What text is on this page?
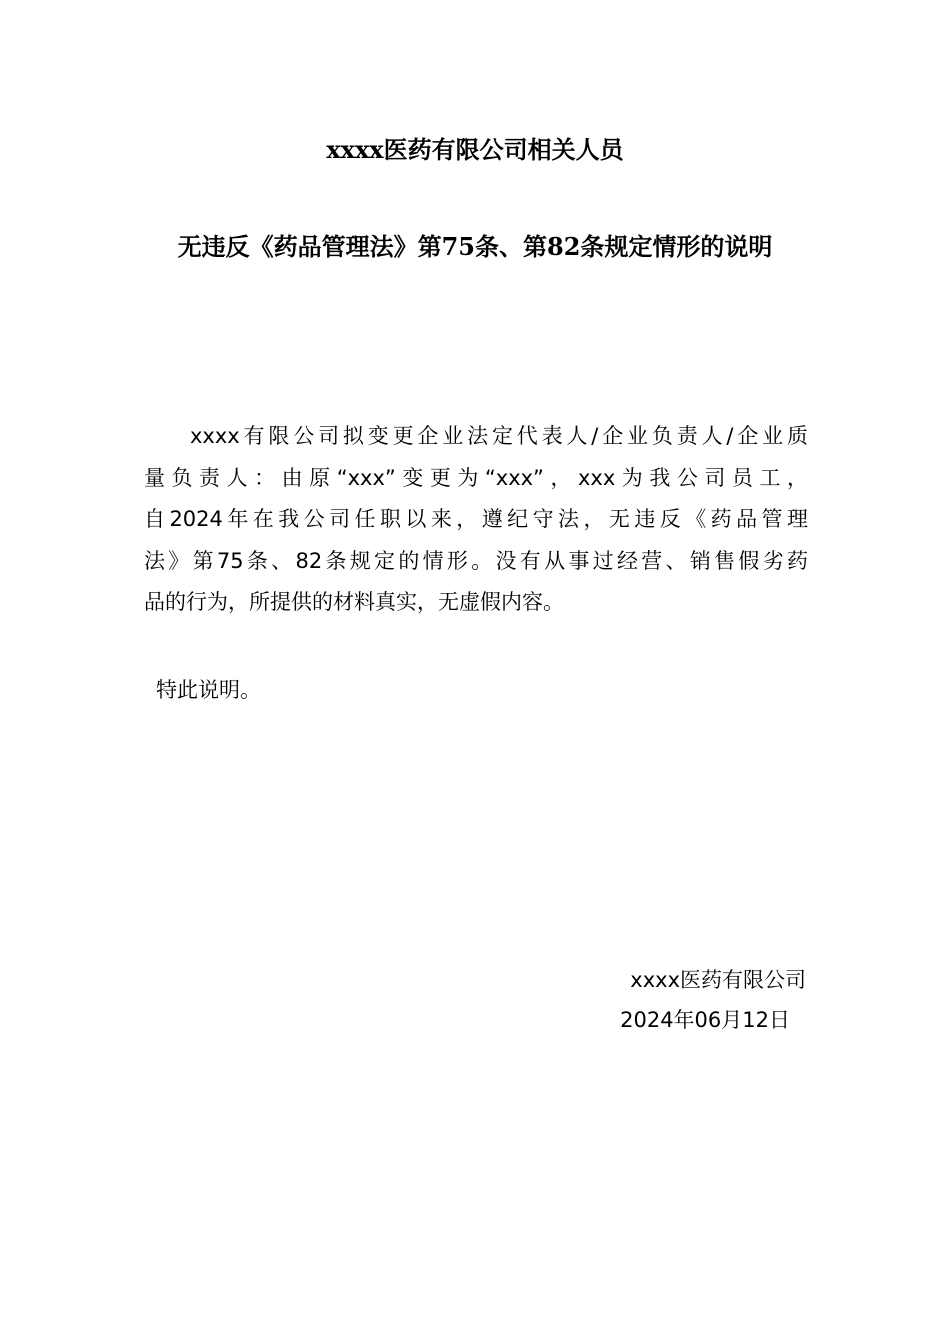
xxxx医药有限公司相关人员
无违反《药品管理法》第75条、第82条规定情形的说明
xxxx有限公司拟变更企业法定代表人/企业负责人/企业质
量负责人：由原“xxx”变更为“xxx”，xxx为我公司员工，
自2024年在我公司任职以来，遵纪守法，无违反《药品管理
法》第75条、82条规定的情形。没有从事过经营、销售假劣药
品的行为，所提供的材料真实，无虚假内容。

特此说明。

xxxx医药有限公司

2024年06月12日
